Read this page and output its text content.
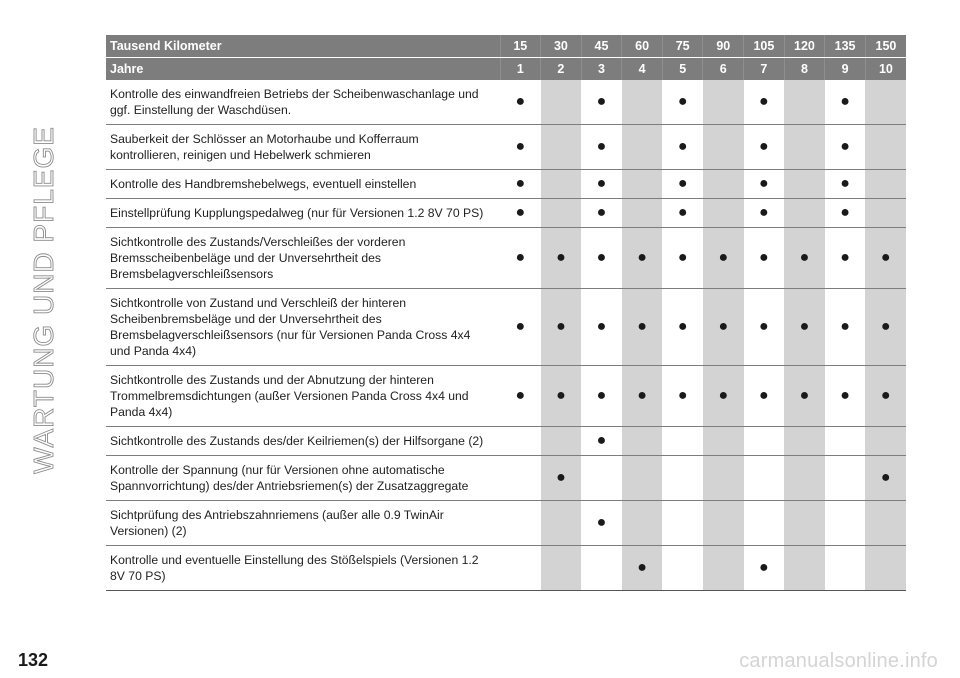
WARTUNG UND PFLEGE
Tausend Kilometer	15	30	45	60	75	90	105	120	135	150
Jahre	1	2	3	4	5	6	7	8	9	10
Kontrolle des einwandfreien Betriebs der Scheibenwaschanlage und ggf. Einstellung der Waschdüsen.	●		●		●		●		●	
Sauberkeit der Schlösser an Motorhaube und Kofferraum kontrollieren, reinigen und Hebelwerk schmieren	●		●		●		●		●	
Kontrolle des Handbremshebelwegs, eventuell einstellen	●		●		●		●		●	
Einstellprüfung Kupplungspedalweg (nur für Versionen 1.2 8V 70 PS)	●		●		●		●		●	
Sichtkontrolle des Zustands/Verschleißes der vorderen Bremsscheibenbeläge und der Unversehrtheit des Bremsbelagverschleißsensors	●	●	●	●	●	●	●	●	●	●
Sichtkontrolle von Zustand und Verschleiß der hinteren Scheibenbremsbeläge und der Unversehrtheit des Bremsbelagverschleißsensors (nur für Versionen Panda Cross 4x4 und Panda 4x4)	●	●	●	●	●	●	●	●	●	●
Sichtkontrolle des Zustands und der Abnutzung der hinteren Trommelbremsdichtungen (außer Versionen Panda Cross 4x4 und Panda 4x4)	●	●	●	●	●	●	●	●	●	●
Sichtkontrolle des Zustands des/der Keilriemen(s) der Hilfsorgane (2)			●							
Kontrolle der Spannung (nur für Versionen ohne automatische Spannvorrichtung) des/der Antriebsriemen(s) der Zusatzaggregate		●								●
Sichtprüfung des Antriebszahnriemens (außer alle 0.9 TwinAir Versionen) (2)			●							
Kontrolle und eventuelle Einstellung des Stößelspiels (Versionen 1.2 8V 70 PS)				●			●			
132	carmanualsonline.info
